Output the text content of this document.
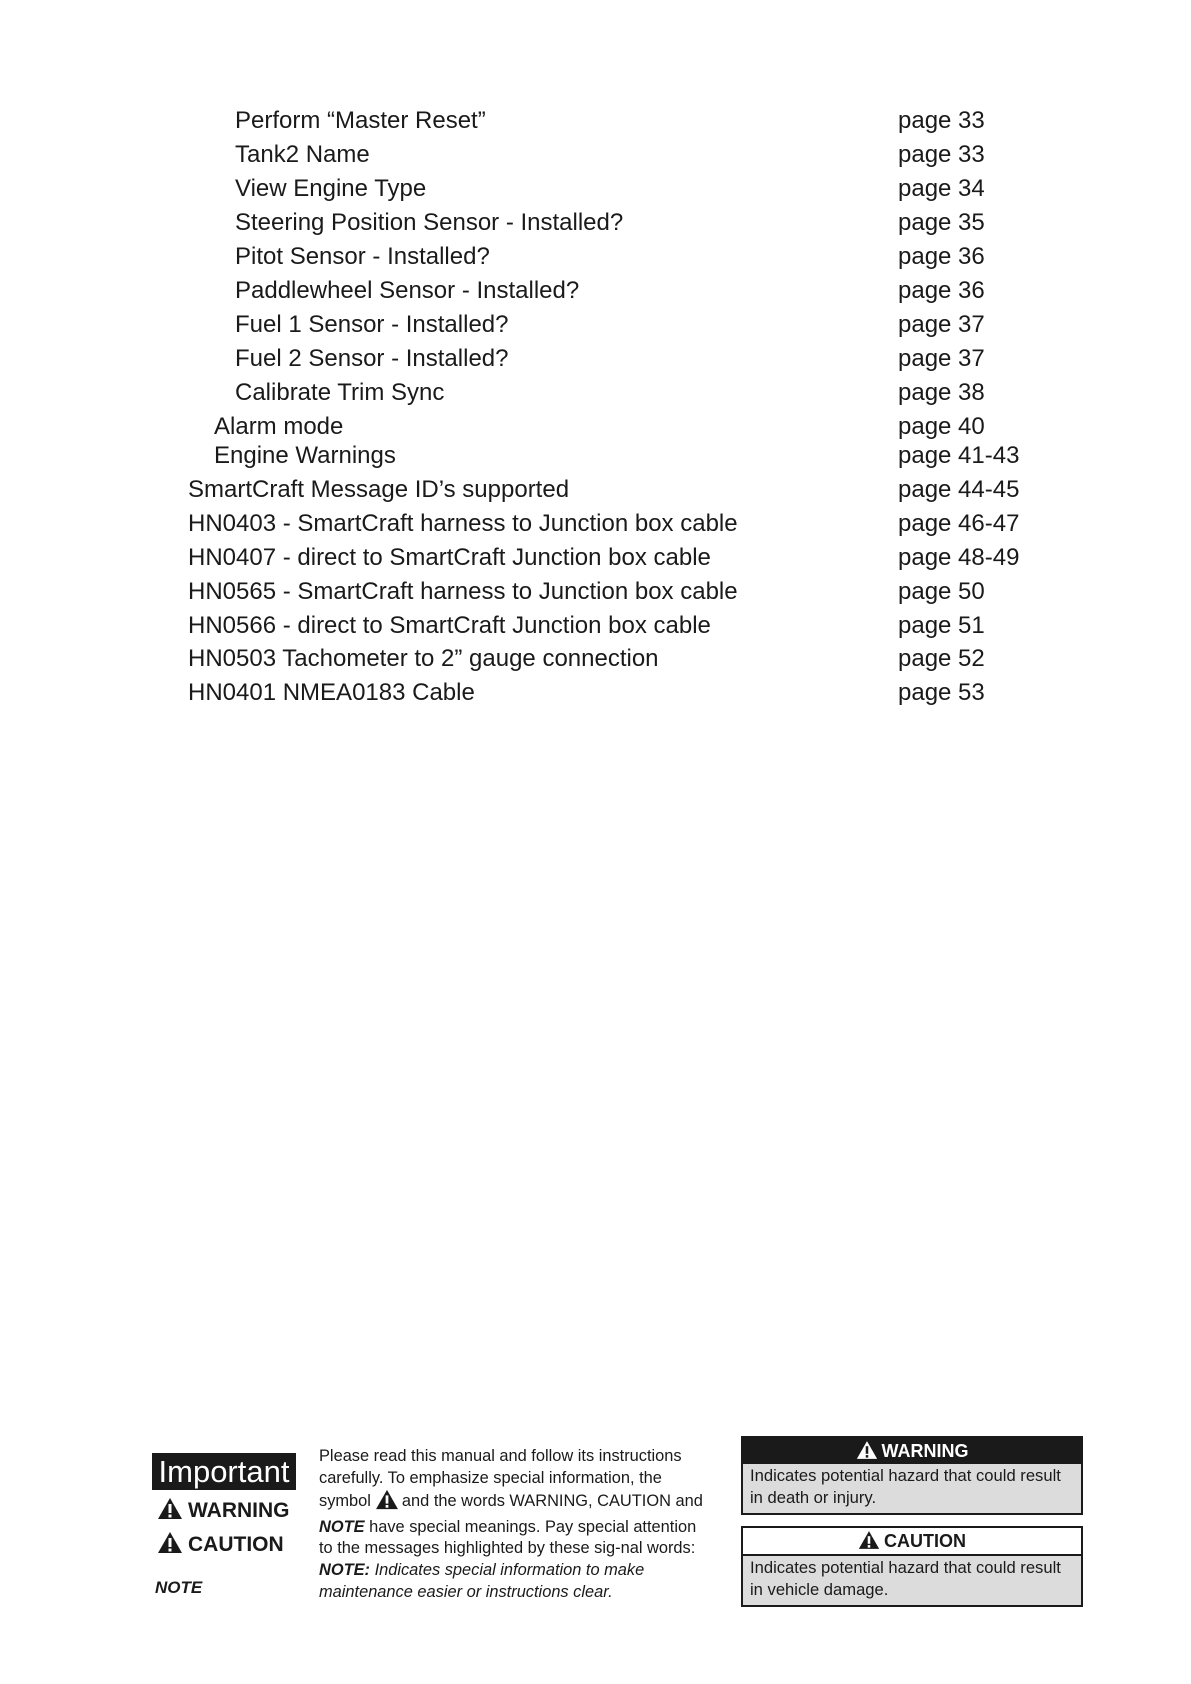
Perform “Master Reset”	page 33
Tank2 Name	page 33
View Engine Type	page 34
Steering Position Sensor - Installed?	page 35
Pitot Sensor - Installed?	page 36
Paddlewheel Sensor - Installed?	page 36
Fuel 1 Sensor - Installed?	page 37
Fuel 2 Sensor - Installed?	page 37
Calibrate Trim Sync	page 38
Alarm mode	page 40
Engine Warnings	page 41-43
SmartCraft Message ID’s supported	page 44-45
HN0403 - SmartCraft harness to Junction box cable	page 46-47
HN0407 - direct to SmartCraft Junction box cable	page 48-49
HN0565 - SmartCraft harness to Junction box cable	page 50
HN0566 - direct to SmartCraft Junction box cable	page 51
HN0503 Tachometer to 2” gauge connection	page 52
HN0401 NMEA0183 Cable	page 53
Important
WARNING
CAUTION
NOTE
Please read this manual and follow its instructions carefully. To emphasize special information, the symbol and the words WARNING, CAUTION and NOTE have special meanings. Pay special attention to the messages highlighted by these sig-nal words:
NOTE: Indicates special information to make maintenance easier or instructions clear.
WARNING
Indicates potential hazard that could result in death or injury.
CAUTION
Indicates potential hazard that could result in vehicle damage.
